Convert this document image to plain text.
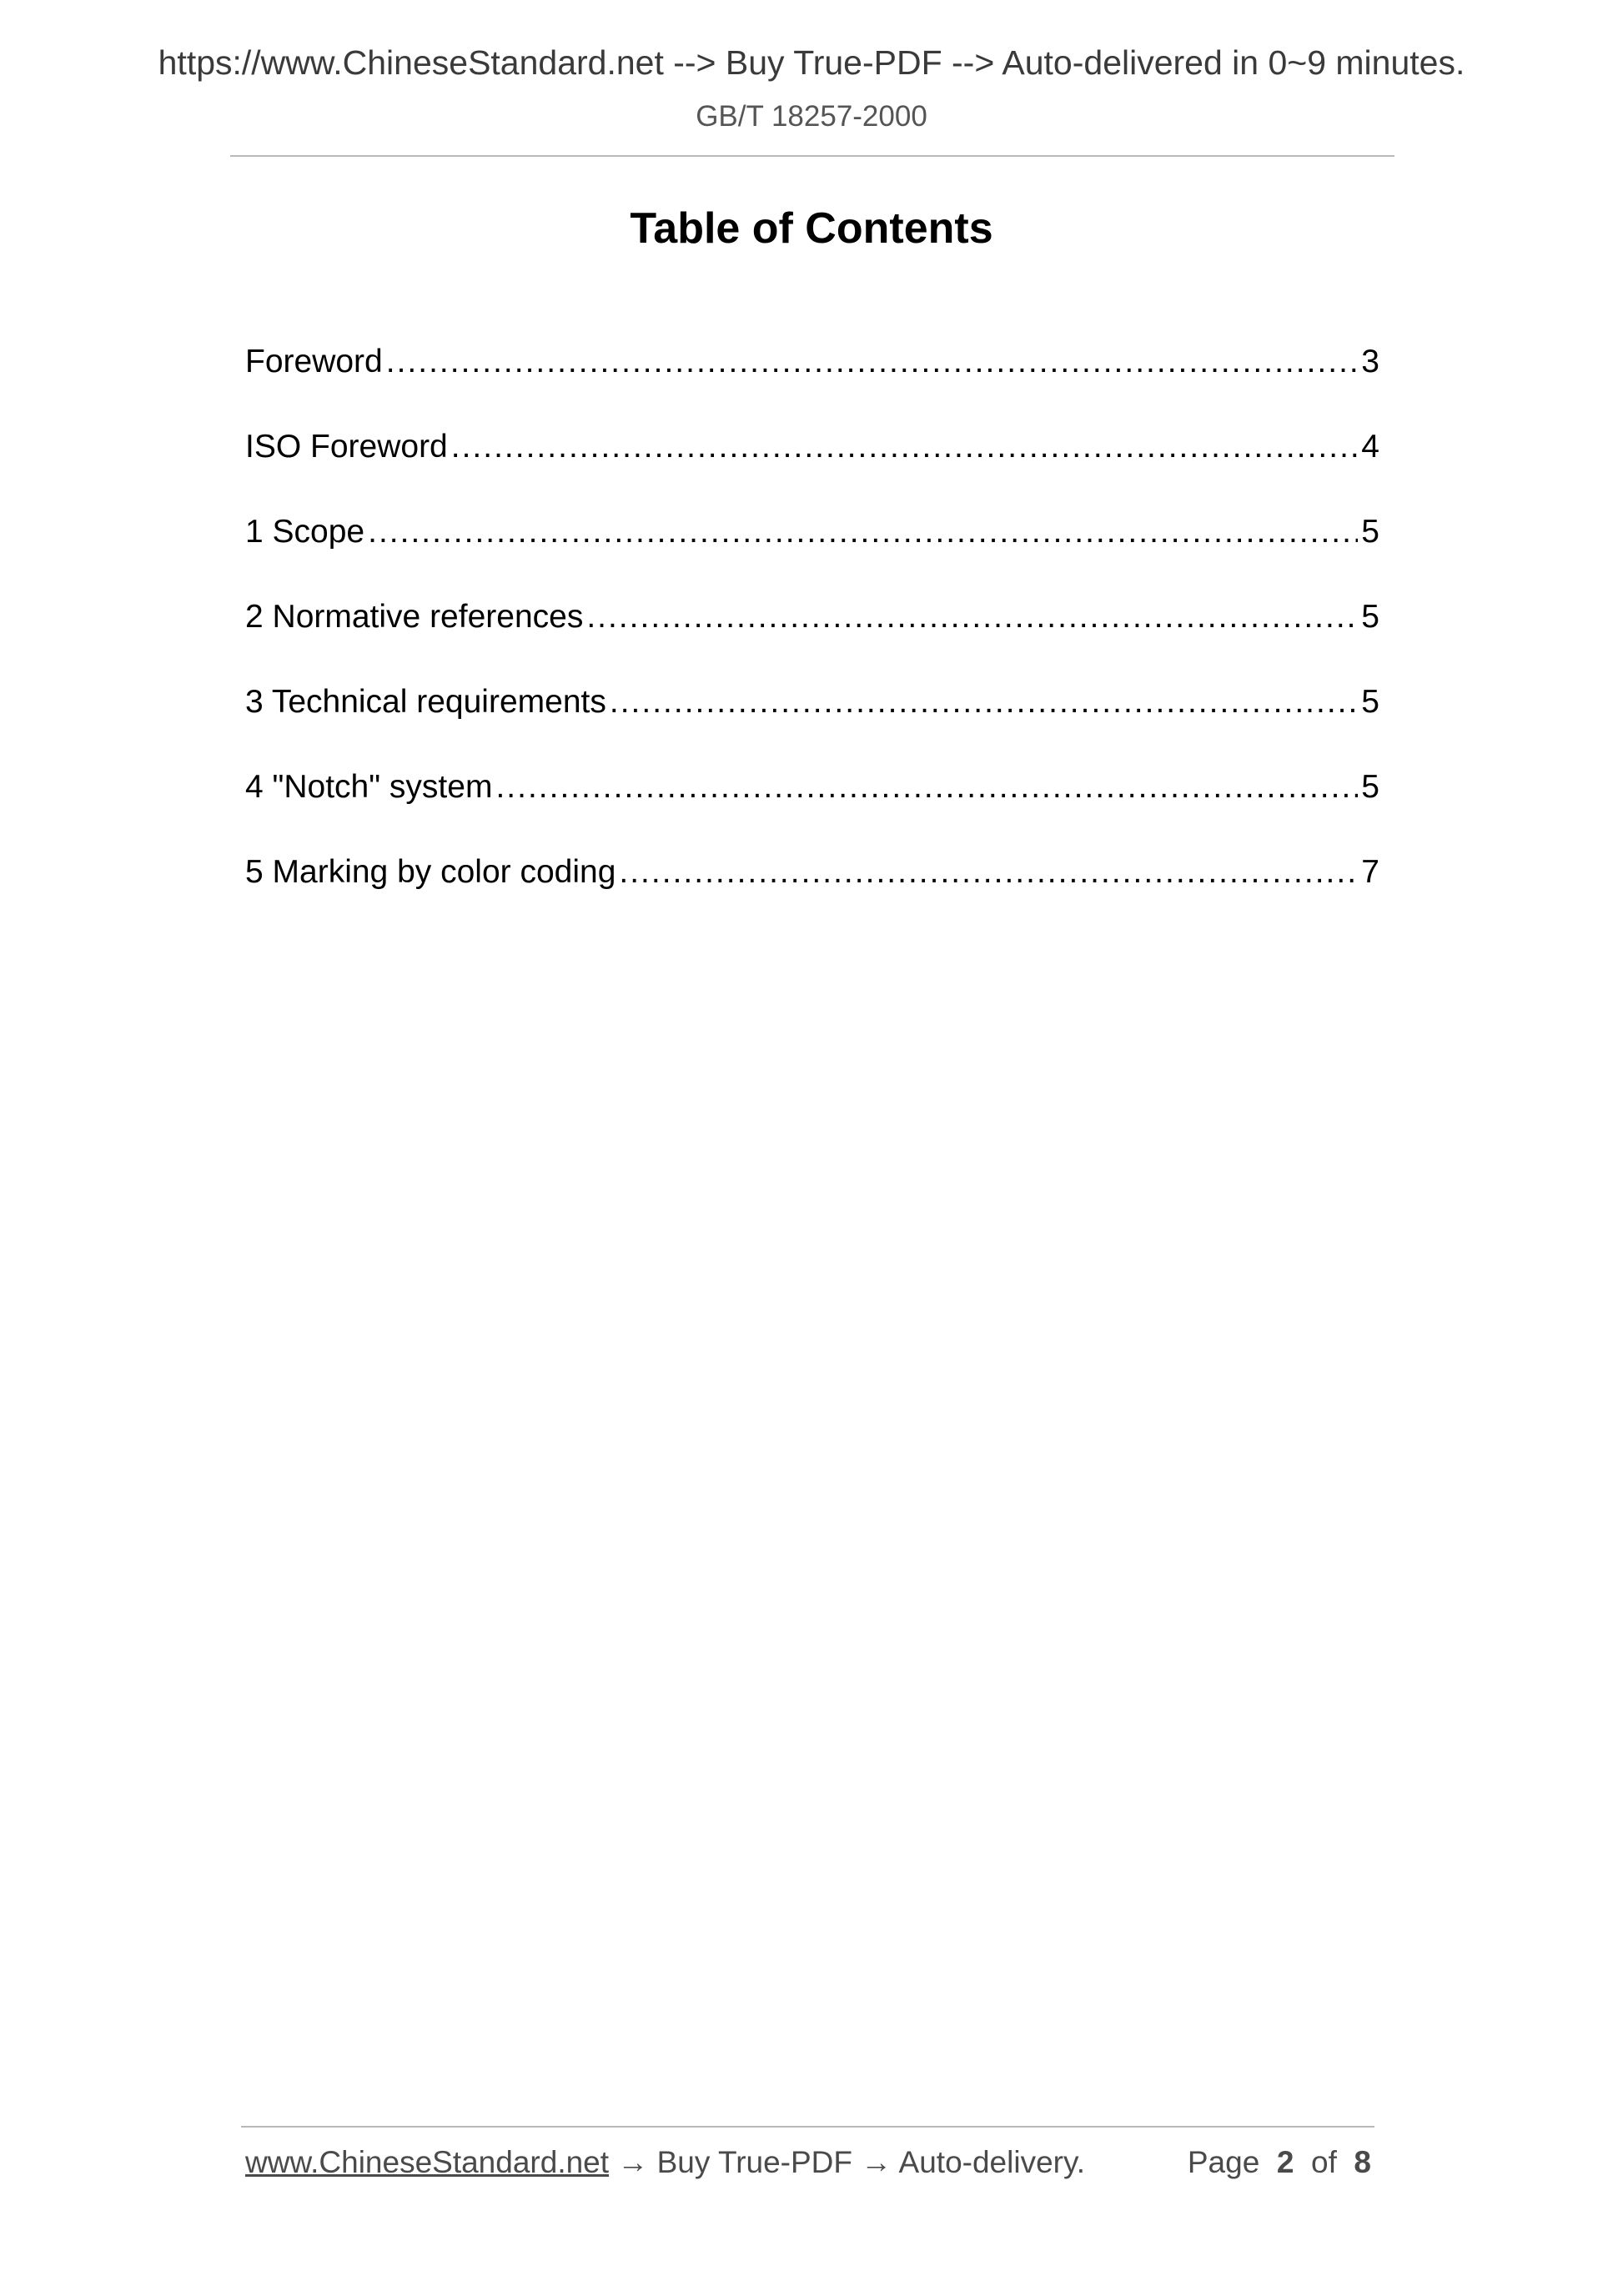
https://www.ChineseStandard.net --> Buy True-PDF --> Auto-delivered in 0~9 minutes.
GB/T 18257-2000
Table of Contents
Foreword .....	3
ISO Foreword .....	4
1 Scope .....	5
2 Normative references .....	5
3 Technical requirements .....	5
4 "Notch" system .....	5
5 Marking by color coding .....	7
www.ChineseStandard.net → Buy True-PDF → Auto-delivery.	Page 2 of 8
